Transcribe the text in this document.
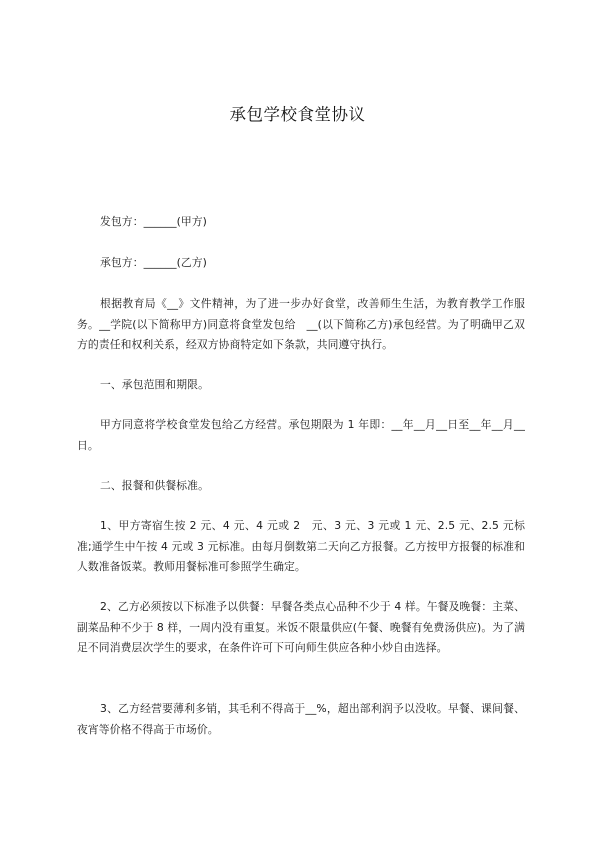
承包学校食堂协议
发包方：______(甲方)
承包方：______(乙方)
根据教育局《__》文件精神，为了进一步办好食堂，改善师生生活，为教育教学工作服务。__学院(以下简称甲方)同意将食堂发包给　__(以下简称乙方)承包经营。为了明确甲乙双方的责任和权利关系，经双方协商特定如下条款，共同遵守执行。
一、承包范围和期限。
甲方同意将学校食堂发包给乙方经营。承包期限为 1 年即：__年__月__日至__年__月__日。
二、报餐和供餐标准。
1、甲方寄宿生按 2 元、4 元、4 元或 2　元、3 元、3 元或 1 元、2.5 元、2.5 元标准;通学生中午按 4 元或 3 元标准。由每月倒数第二天向乙方报餐。乙方按甲方报餐的标准和人数准备饭菜。教师用餐标准可参照学生确定。
2、乙方必须按以下标准予以供餐：早餐各类点心品种不少于 4 样。午餐及晚餐：主菜、副菜品种不少于 8 样，一周内没有重复。米饭不限量供应(午餐、晚餐有免费汤供应)。为了满足不同消费层次学生的要求，在条件许可下可向师生供应各种小炒自由选择。
3、乙方经营要薄利多销，其毛利不得高于__%，超出部利润予以没收。早餐、课间餐、夜宵等价格不得高于市场价。
